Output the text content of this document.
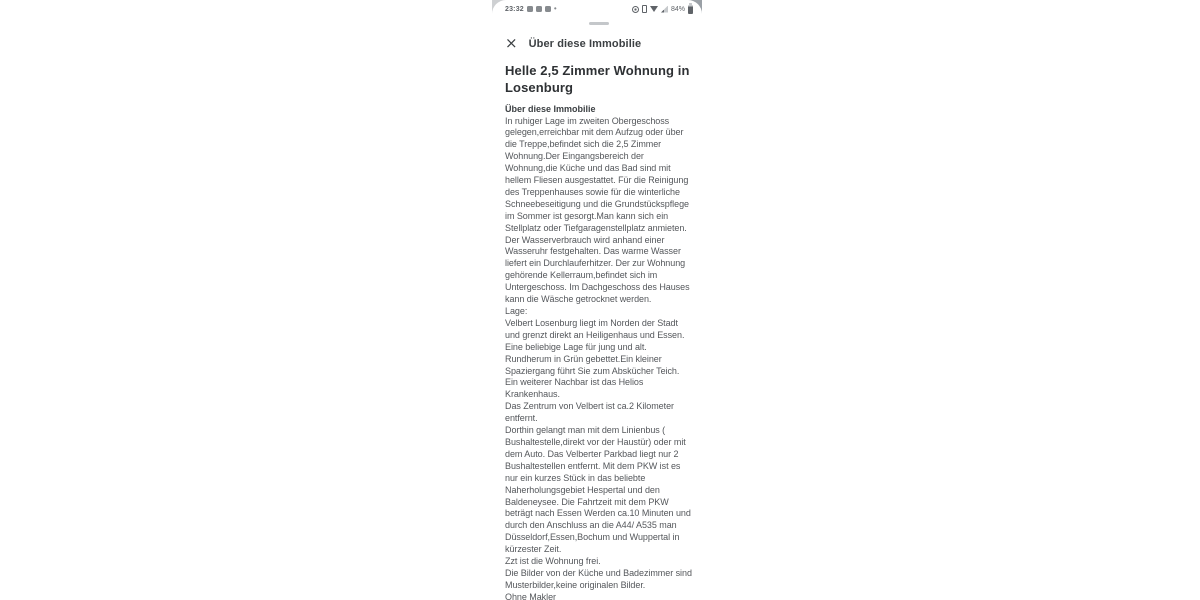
23:32	•	84%
× Über diese Immobilie
Helle 2,5 Zimmer Wohnung in Losenburg
Über diese Immobilie

In ruhiger Lage im zweiten Obergeschoss gelegen,erreichbar mit dem Aufzug oder über die Treppe,befindet sich die 2,5 Zimmer Wohnung.Der Eingangsbereich der Wohnung,die Küche und das Bad sind mit hellem Fliesen ausgestattet. Für die Reinigung des Treppenhauses sowie für die winterliche Schneebeseitigung und die Grundstückspflege im Sommer ist gesorgt.Man kann sich ein Stellplatz oder Tiefgaragenstellplatz anmieten. Der Wasserverbrauch wird anhand einer Wasseruhr festgehalten. Das warme Wasser liefert ein Durchlauferhitzer. Der zur Wohnung gehörende Kellerraum,befindet sich im Untergeschoss. Im Dachgeschoss des Hauses kann die Wäsche getrocknet werden.

Lage:

Velbert Losenburg liegt im Norden der Stadt und grenzt direkt an Heiligenhaus und Essen.

Eine beliebige Lage für jung und alt.

Rundherum in Grün gebettet.Ein kleiner Spaziergang führt Sie zum Abskücher Teich.

Ein weiterer Nachbar ist das Helios Krankenhaus.

Das Zentrum von Velbert ist ca.2 Kilometer entfernt.

Dorthin gelangt man mit dem Linienbus ( Bushaltestelle,direkt vor der Haustür) oder mit dem Auto. Das Velberter Parkbad liegt nur 2 Bushaltestellen entfernt. Mit dem PKW ist es nur ein kurzes Stück in das beliebte Naherholungsgebiet Hespertal und den Baldeneysee. Die Fahrtzeit mit dem PKW beträgt nach Essen Werden ca.10 Minuten und durch den Anschluss an die A44/ A535 man Düsseldorf,Essen,Bochum und Wuppertal in kürzester Zeit.

Zzt ist die Wohnung frei.

Die Bilder von der Küche und Badezimmer sind Musterbilder,keine originalen Bilder.

Ohne Makler
